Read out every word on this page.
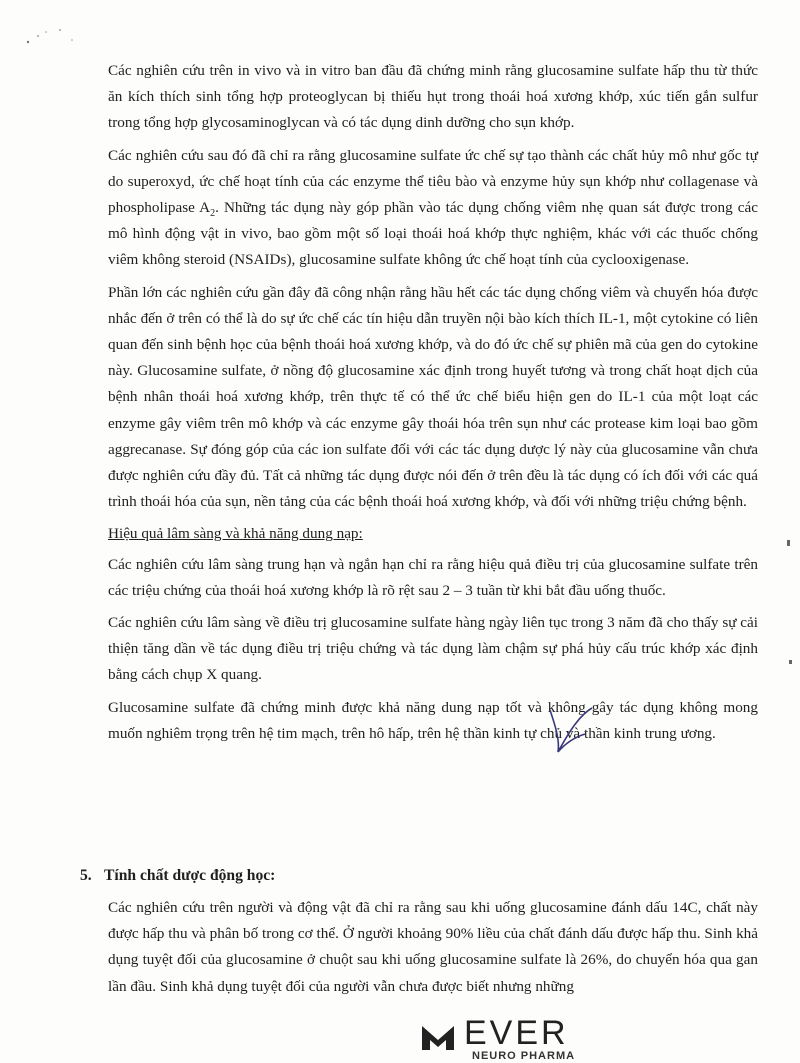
Các nghiên cứu trên in vivo và in vitro ban đầu đã chứng minh rằng glucosamine sulfate hấp thu từ thức ăn kích thích sinh tổng hợp proteoglycan bị thiếu hụt trong thoái hoá xương khớp, xúc tiến gắn sulfur trong tổng hợp glycosaminoglycan và có tác dụng dinh dưỡng cho sụn khớp.

Các nghiên cứu sau đó đã chỉ ra rằng glucosamine sulfate ức chế sự tạo thành các chất hủy mô như gốc tự do superoxyd, ức chế hoạt tính của các enzyme thể tiêu bào và enzyme hủy sụn khớp như collagenase và phospholipase $A_2$. Những tác dụng này góp phần vào tác dụng chống viêm nhẹ quan sát được trong các mô hình động vật in vivo, bao gồm một số loại thoái hoá khớp thực nghiệm, khác với các thuốc chống viêm không steroid (NSAIDs), glucosamine sulfate không ức chế hoạt tính của cyclooxigenase.

Phần lớn các nghiên cứu gần đây đã công nhận rằng hầu hết các tác dụng chống viêm và chuyển hóa được nhắc đến ở trên có thể là do sự ức chế các tín hiệu dẫn truyền nội bào kích thích IL-1, một cytokine có liên quan đến sinh bệnh học của bệnh thoái hoá xương khớp, và do đó ức chế sự phiên mã của gen do cytokine này. Glucosamine sulfate, ở nồng độ glucosamine xác định trong huyết tương và trong chất hoạt dịch của bệnh nhân thoái hoá xương khớp, trên thực tế có thể ức chế biểu hiện gen do IL-1 của một loạt các enzyme gây viêm trên mô khớp và các enzyme gây thoái hóa trên sụn như các protease kim loại bao gồm aggrecanase. Sự đóng góp của các ion sulfate đối với các tác dụng dược lý này của glucosamine vẫn chưa được nghiên cứu đầy đủ. Tất cả những tác dụng được nói đến ở trên đều là tác dụng có ích đối với các quá trình thoái hóa của sụn, nền tảng của các bệnh thoái hoá xương khớp, và đối với những triệu chứng bệnh.

Hiệu quả lâm sàng và khả năng dung nạp:

Các nghiên cứu lâm sàng trung hạn và ngắn hạn chỉ ra rằng hiệu quả điều trị của glucosamine sulfate trên các triệu chứng của thoái hoá xương khớp là rõ rệt sau 2 – 3 tuần từ khi bắt đầu uống thuốc.

Các nghiên cứu lâm sàng về điều trị glucosamine sulfate hàng ngày liên tục trong 3 năm đã cho thấy sự cải thiện tăng dần về tác dụng điều trị triệu chứng và tác dụng làm chậm sự phá hủy cấu trúc khớp xác định bằng cách chụp X quang.

Glucosamine sulfate đã chứng minh được khả năng dung nạp tốt và không gây tác dụng không mong muốn nghiêm trọng trên hệ tim mạch, trên hô hấp, trên hệ thần kinh tự chủ và thần kinh trung ương.

5. Tính chất dược động học:

Các nghiên cứu trên người và động vật đã chỉ ra rằng sau khi uống glucosamine đánh dấu 14C, chất này được hấp thu và phân bố trong cơ thể. Ở người khoảng 90% liều của chất đánh dấu được hấp thu. Sinh khả dụng tuyệt đối của glucosamine ở chuột sau khi uống glucosamine sulfate là 26%, do chuyển hóa qua gan lần đầu. Sinh khả dụng tuyệt đối của người vẫn chưa được biết nhưng những

EVER
NEURO PHARMA
